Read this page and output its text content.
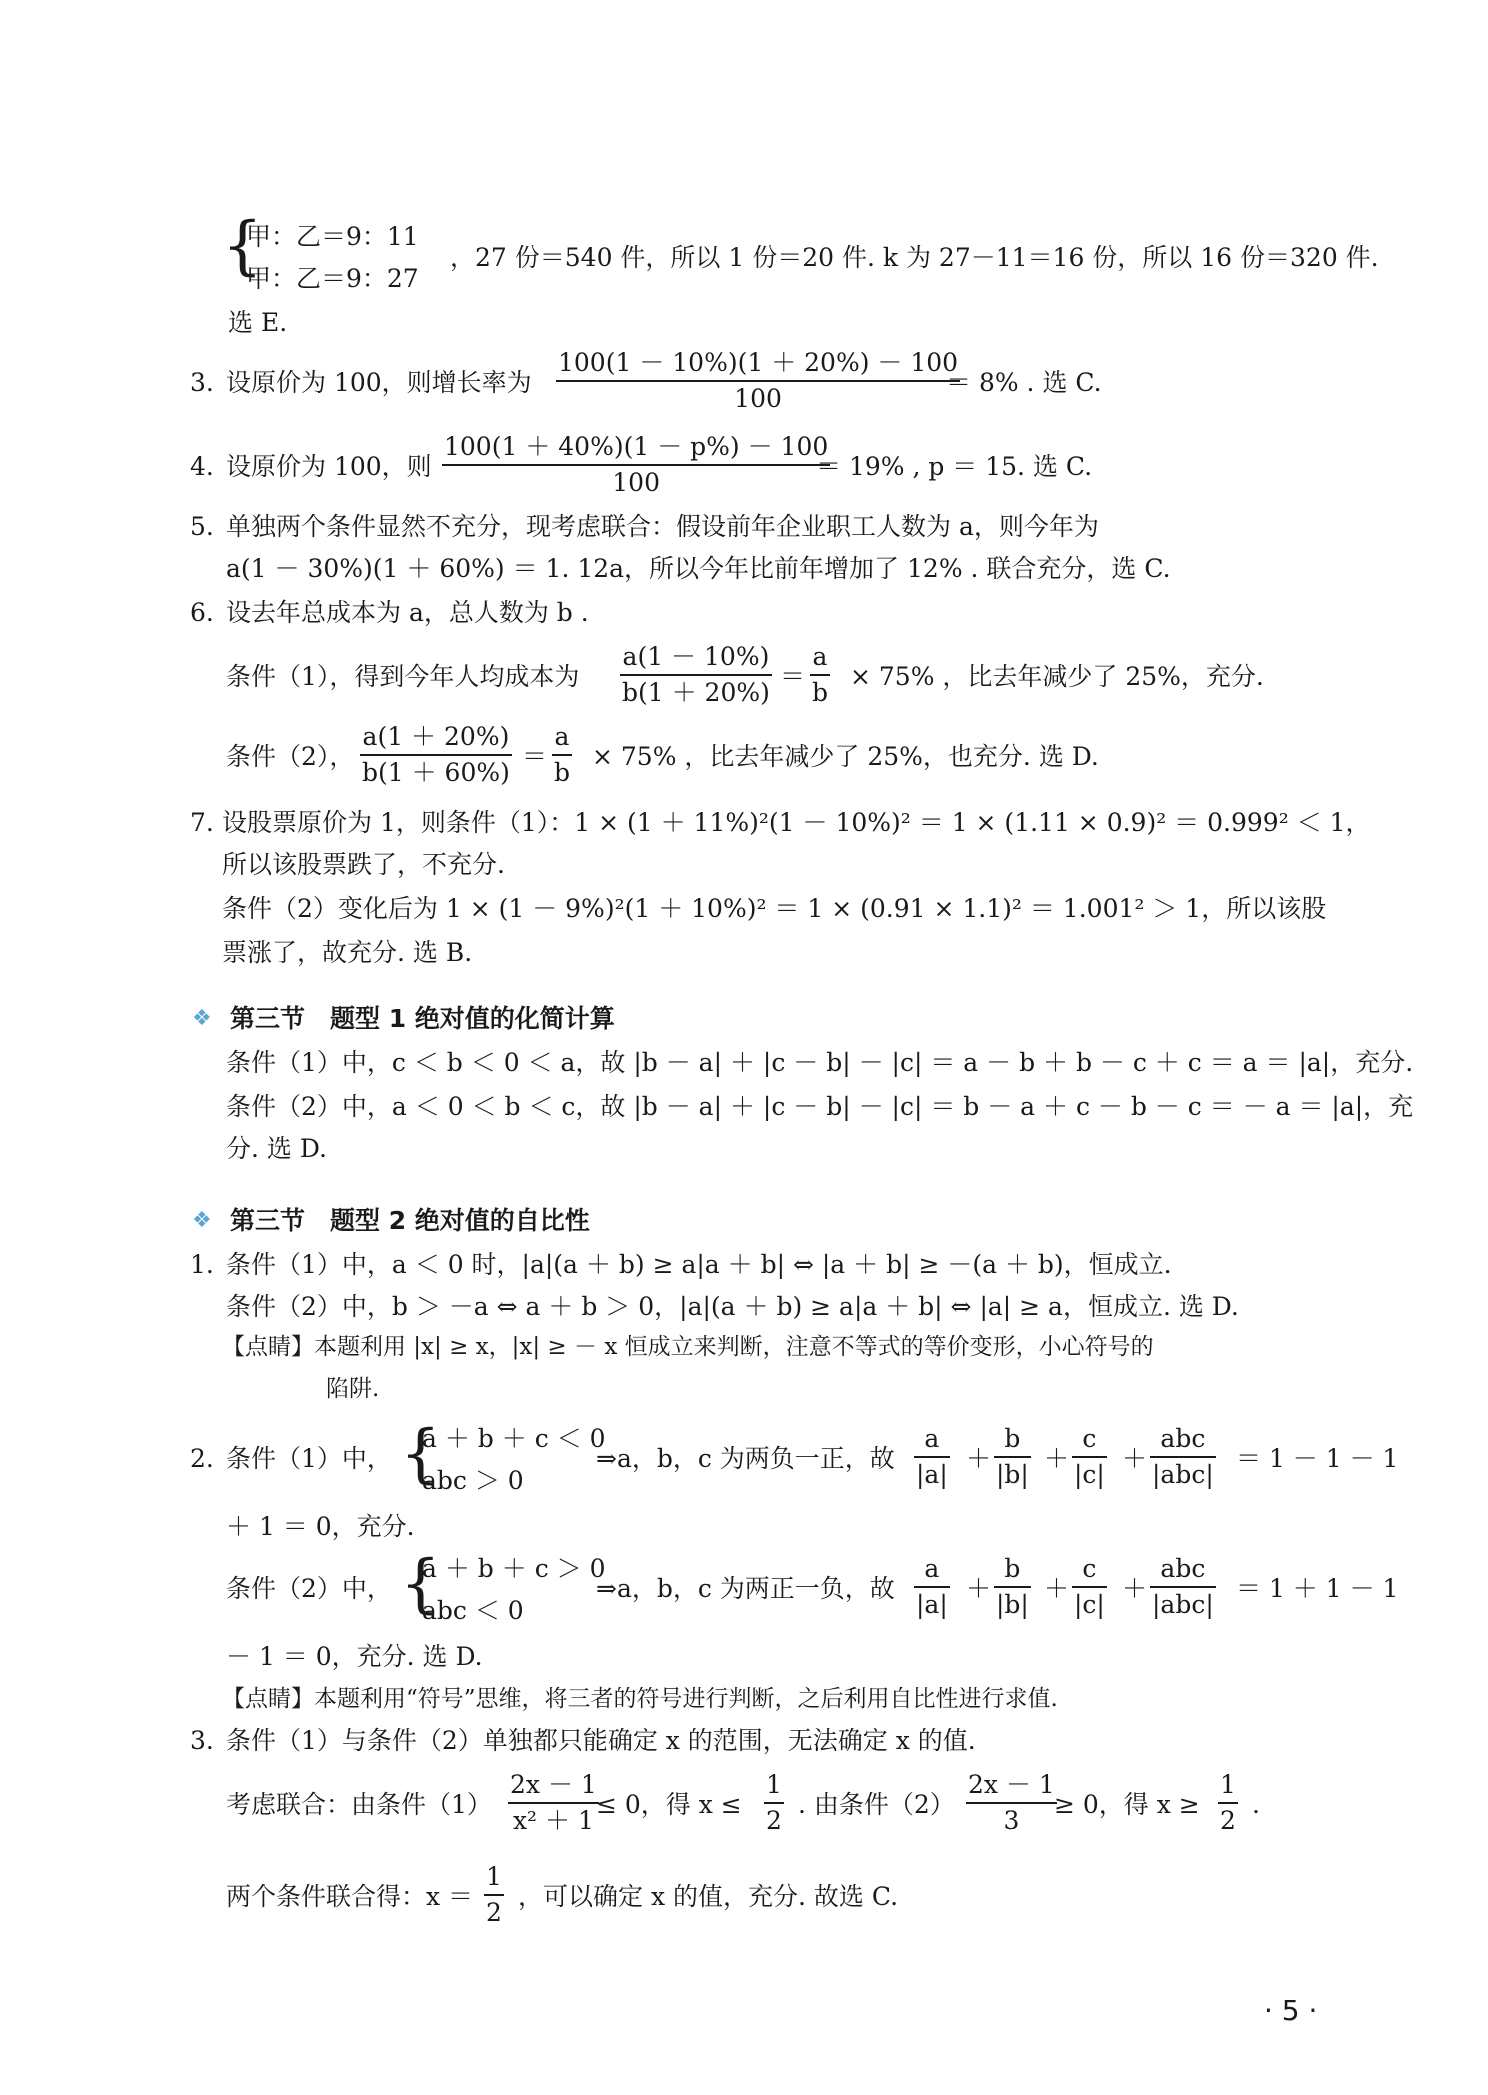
{
甲：乙＝9：11
甲：乙＝9：27
，27 份＝540 件，所以 1 份＝20 件. k 为 27－11＝16 份，所以 16 份＝320 件.
选 E.
3. 设原价为 100，则增长率为 $\frac{100(1 - 10\%)(1 + 20\%) - 100}{100}$
＝ 8% . 选 C.
4. 设原价为 100，则 $\frac{100(1 + 40\%)(1 - p\%) - 100}{100}$
＝ 19% , p ＝ 15. 选 C.
5. 单独两个条件显然不充分，现考虑联合：假设前年企业职工人数为 a，则今年为
a(1 － 30%)(1 ＋ 60%) ＝ 1. 12a，所以今年比前年增加了 12% . 联合充分，选 C.
6. 设去年总成本为 a，总人数为 b .
条件（1），得到今年人均成本为 $\frac{a(1 - 10\%)}{b(1 + 20\%)} = \frac{a}{b} \times 75\%$ ，比去年减少了 25%，充分.
条件（2）， $\frac{a(1 + 20\%)}{b(1 + 60\%)} = \frac{a}{b} \times 75\%$ ，比去年减少了 25%，也充分. 选 D.
7. 设股票原价为 1，则条件（1）：1 × (1 ＋ 11%)²(1 － 10%)² ＝ 1 × (1.11 × 0.9)² ＝ 0.999² ＜ 1，
所以该股票跌了，不充分.
条件（2）变化后为 1 × (1 － 9%)²(1 ＋ 10%)² ＝ 1 × (0.91 × 1.1)² ＝ 1.001² ＞ 1，所以该股
票涨了，故充分. 选 B.
❖ 第三节　题型 1 绝对值的化简计算
条件（1）中，c ＜ b ＜ 0 ＜ a，故 |b － a| ＋ |c － b| － |c| ＝ a － b ＋ b － c ＋ c ＝ a ＝ |a|，充分.
条件（2）中，a ＜ 0 ＜ b ＜ c，故 |b － a| ＋ |c － b| － |c| ＝ b － a ＋ c － b － c ＝ － a ＝ |a|，充
分. 选 D.
❖ 第三节　题型 2 绝对值的自比性
1. 条件（1）中，a ＜ 0 时，|a|(a ＋ b) ≥ a|a ＋ b| ⇔ |a ＋ b| ≥ －(a ＋ b)，恒成立.
条件（2）中，b ＞ －a ⇔ a ＋ b ＞ 0，|a|(a ＋ b) ≥ a|a ＋ b| ⇔ |a| ≥ a，恒成立. 选 D.
【点睛】本题利用 |x| ≥ x，|x| ≥ － x 恒成立来判断，注意不等式的等价变形，小心符号的
陷阱.
2. 条件（1）中， {
a ＋ b ＋ c ＜ 0
abc ＞ 0
⇒a，b，c 为两负一正，故 $\frac{a}{|a|} + \frac{b}{|b|} + \frac{c}{|c|}$ ＋
abc
|abc|
＝ 1 － 1 － 1
＋ 1 ＝ 0，充分.
条件（2）中， {
a ＋ b ＋ c ＞ 0
abc ＜ 0
⇒a，b，c 为两正一负，故 $\frac{a}{|a|} + \frac{b}{|b|} + \frac{c}{|c|}$ ＋
abc
|abc|
＝ 1 ＋ 1 － 1
－ 1 ＝ 0，充分. 选 D.
【点睛】本题利用“符号”思维，将三者的符号进行判断，之后利用自比性进行求值.
3. 条件（1）与条件（2）单独都只能确定 x 的范围，无法确定 x 的值.
考虑联合：由条件$(1) \frac{2x - 1}{\text{x² ＋ 1}}$
≤ 0，得 $x \le \frac{1}{2}$ . 由条件$(2) \frac{2x - 1}{3}$
≥ 0，得 $x \ge \frac{1}{2}$ .
两个条件联合得：$x = \frac{1}{2}$ ，可以确定 x 的值，充分. 故选 C.
· 5 ·
